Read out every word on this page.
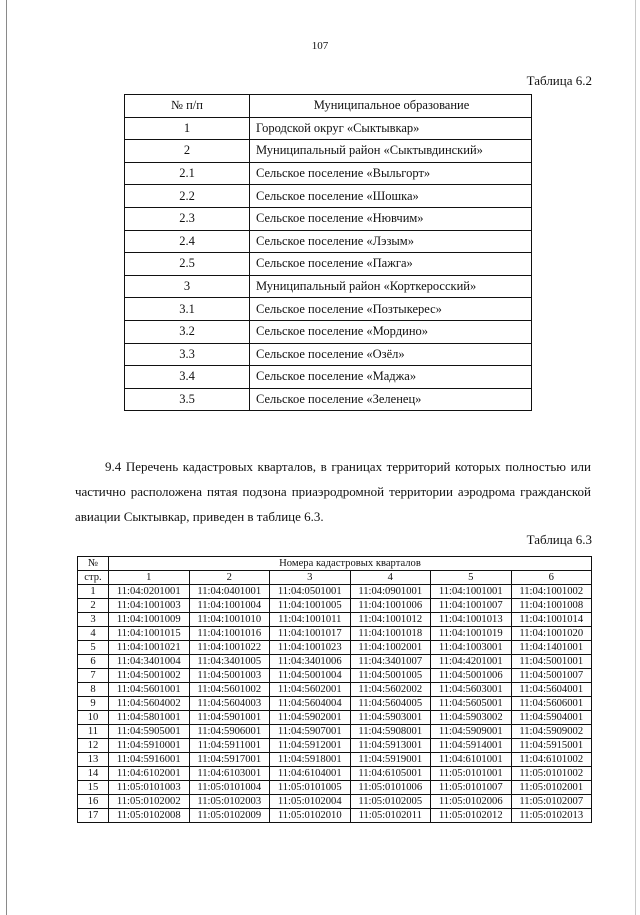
107
Таблица 6.2
№ п/п	Муниципальное образование
1	Городской округ «Сыктывкар»
2	Муниципальный район «Сыктывдинский»
2.1	Сельское поселение «Выльгорт»
2.2	Сельское поселение «Шошка»
2.3	Сельское поселение «Нювчим»
2.4	Сельское поселение «Лэзым»
2.5	Сельское поселение «Пажга»
3	Муниципальный район «Корткеросский»
3.1	Сельское поселение «Позтыкерес»
3.2	Сельское поселение «Мордино»
3.3	Сельское поселение «Озёл»
3.4	Сельское поселение «Маджа»
3.5	Сельское поселение «Зеленец»
9.4 Перечень кадастровых кварталов, в границах территорий которых полностью или частично расположена пятая подзона приаэродромной территории аэродрома гражданской авиации Сыктывкар, приведен в таблице 6.3.
Таблица 6.3
№	Номера кадастровых кварталов					
стр.	1	2	3	4	5	6
1	11:04:0201001	11:04:0401001	11:04:0501001	11:04:0901001	11:04:1001001	11:04:1001002
2	11:04:1001003	11:04:1001004	11:04:1001005	11:04:1001006	11:04:1001007	11:04:1001008
3	11:04:1001009	11:04:1001010	11:04:1001011	11:04:1001012	11:04:1001013	11:04:1001014
4	11:04:1001015	11:04:1001016	11:04:1001017	11:04:1001018	11:04:1001019	11:04:1001020
5	11:04:1001021	11:04:1001022	11:04:1001023	11:04:1002001	11:04:1003001	11:04:1401001
6	11:04:3401004	11:04:3401005	11:04:3401006	11:04:3401007	11:04:4201001	11:04:5001001
7	11:04:5001002	11:04:5001003	11:04:5001004	11:04:5001005	11:04:5001006	11:04:5001007
8	11:04:5601001	11:04:5601002	11:04:5602001	11:04:5602002	11:04:5603001	11:04:5604001
9	11:04:5604002	11:04:5604003	11:04:5604004	11:04:5604005	11:04:5605001	11:04:5606001
10	11:04:5801001	11:04:5901001	11:04:5902001	11:04:5903001	11:04:5903002	11:04:5904001
11	11:04:5905001	11:04:5906001	11:04:5907001	11:04:5908001	11:04:5909001	11:04:5909002
12	11:04:5910001	11:04:5911001	11:04:5912001	11:04:5913001	11:04:5914001	11:04:5915001
13	11:04:5916001	11:04:5917001	11:04:5918001	11:04:5919001	11:04:6101001	11:04:6101002
14	11:04:6102001	11:04:6103001	11:04:6104001	11:04:6105001	11:05:0101001	11:05:0101002
15	11:05:0101003	11:05:0101004	11:05:0101005	11:05:0101006	11:05:0101007	11:05:0102001
16	11:05:0102002	11:05:0102003	11:05:0102004	11:05:0102005	11:05:0102006	11:05:0102007
17	11:05:0102008	11:05:0102009	11:05:0102010	11:05:0102011	11:05:0102012	11:05:0102013
